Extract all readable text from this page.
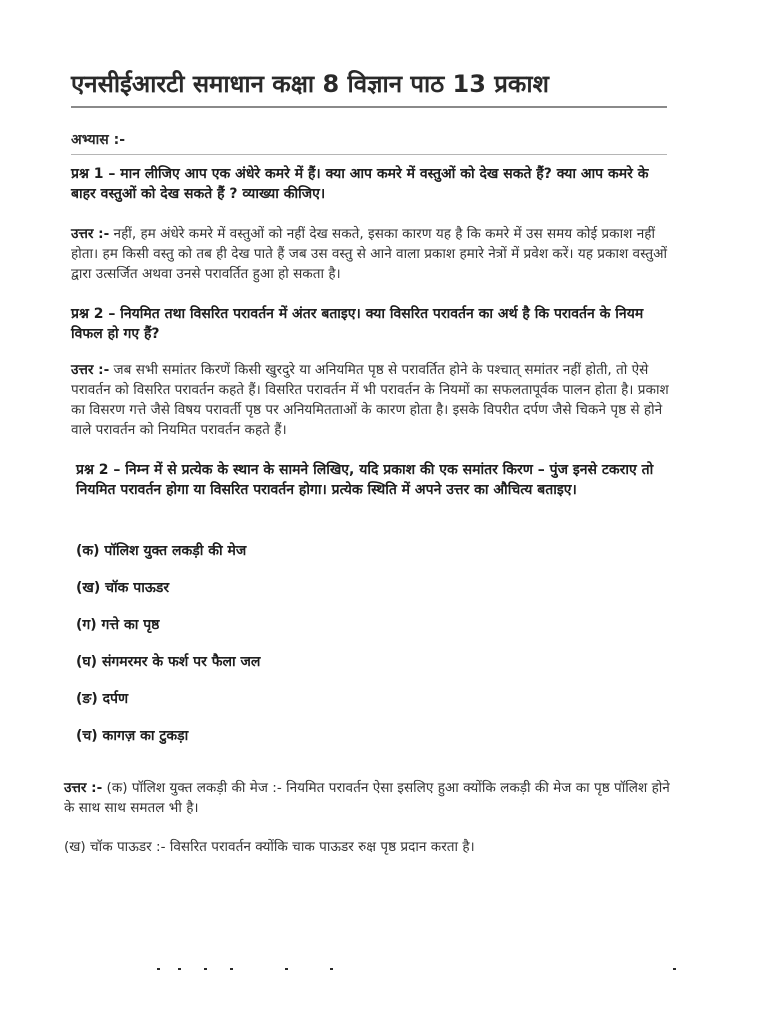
एनसीईआरटी समाधान कक्षा 8 विज्ञान पाठ 13 प्रकाश
अभ्यास :-
प्रश्न 1 – मान लीजिए आप एक अंधेरे कमरे में हैं। क्या आप कमरे में वस्तुओं को देख सकते हैं? क्या आप कमरे के बाहर वस्तुओं को देख सकते हैं ? व्याख्या कीजिए।
उत्तर :- नहीं, हम अंधेरे कमरे में वस्तुओं को नहीं देख सकते, इसका कारण यह है कि कमरे में उस समय कोई प्रकाश नहीं होता। हम किसी वस्तु को तब ही देख पाते हैं जब उस वस्तु से आने वाला प्रकाश हमारे नेत्रों में प्रवेश करें। यह प्रकाश वस्तुओं द्वारा उत्सर्जित अथवा उनसे परावर्तित हुआ हो सकता है।
प्रश्न 2 – नियमित तथा विसरित परावर्तन में अंतर बताइए। क्या विसरित परावर्तन का अर्थ है कि परावर्तन के नियम विफल हो गए हैं?
उत्तर :- जब सभी समांतर किरणें किसी खुरदुरे या अनियमित पृष्ठ से परावर्तित होने के पश्चात् समांतर नहीं होती, तो ऐसे परावर्तन को विसरित परावर्तन कहते हैं। विसरित परावर्तन में भी परावर्तन के नियमों का सफलतापूर्वक पालन होता है। प्रकाश का विसरण गत्ते जैसे विषय परावर्ती पृष्ठ पर अनियमितताओं के कारण होता है। इसके विपरीत दर्पण जैसे चिकने पृष्ठ से होने वाले परावर्तन को नियमित परावर्तन कहते हैं।
प्रश्न 2 – निम्न में से प्रत्येक के स्थान के सामने लिखिए, यदि प्रकाश की एक समांतर किरण – पुंज इनसे टकराए तो नियमित परावर्तन होगा या विसरित परावर्तन होगा। प्रत्येक स्थिति में अपने उत्तर का औचित्य बताइए।
(क) पॉलिश युक्त लकड़ी की मेज
(ख) चॉक पाऊडर
(ग) गत्ते का पृष्ठ
(घ) संगमरमर के फर्श पर फैला जल
(ङ) दर्पण
(च) कागज़ का टुकड़ा
उत्तर :- (क) पॉलिश युक्त लकड़ी की मेज :- नियमित परावर्तन ऐसा इसलिए हुआ क्योंकि लकड़ी की मेज का पृष्ठ पॉलिश होने के साथ साथ समतल भी है।
(ख) चॉक पाऊडर :- विसरित परावर्तन क्योंकि चाक पाऊडर रुक्ष पृष्ठ प्रदान करता है।
